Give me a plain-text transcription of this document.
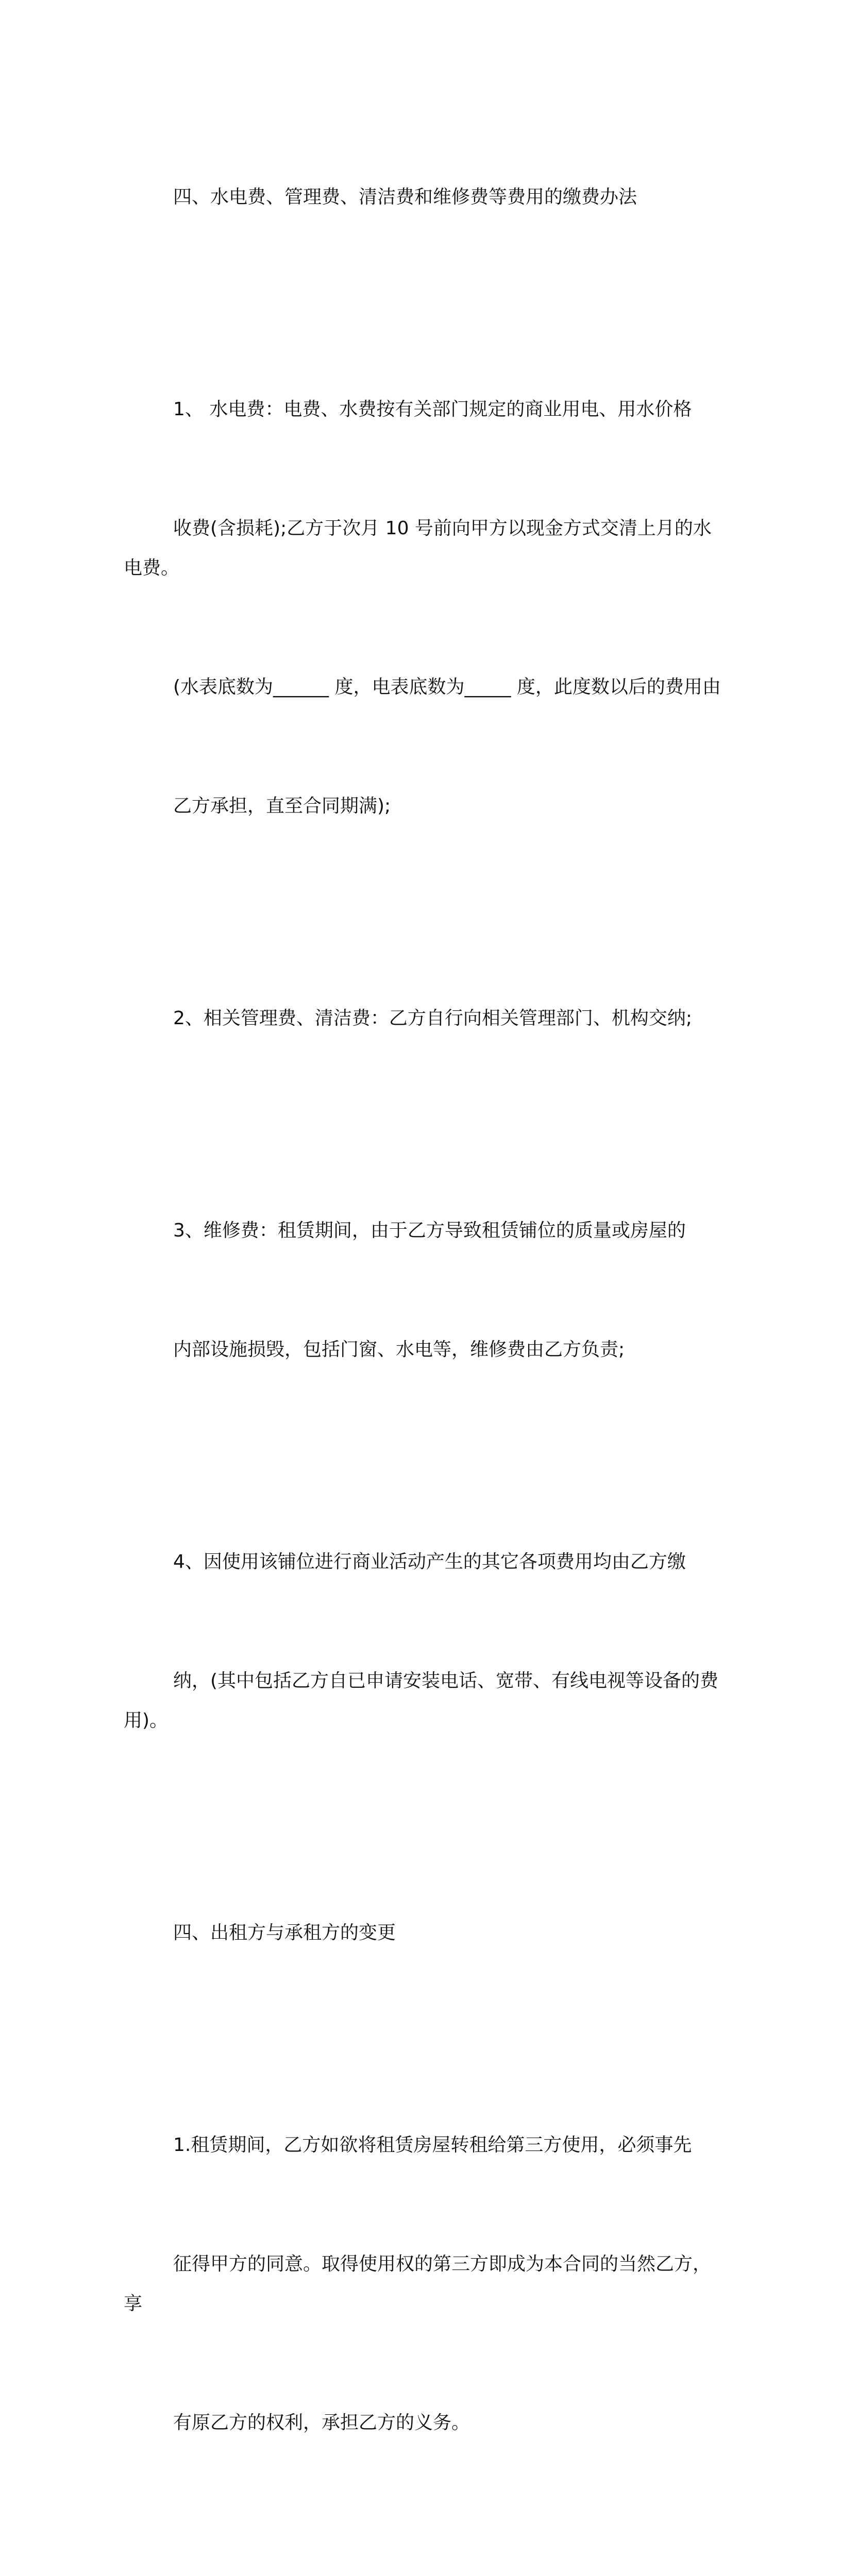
四、水电费、管理费、清洁费和维修费等费用的缴费办法

1、 水电费：电费、水费按有关部门规定的商业用电、用水价格

收费(含损耗);乙方于次月 10 号前向甲方以现金方式交清上月的水电费。

(水表底数为______ 度，电表底数为_____ 度，此度数以后的费用由

乙方承担，直至合同期满);

2、相关管理费、清洁费：乙方自行向相关管理部门、机构交纳;

3、维修费：租赁期间，由于乙方导致租赁铺位的质量或房屋的

内部设施损毁，包括门窗、水电等，维修费由乙方负责;

4、因使用该铺位进行商业活动产生的其它各项费用均由乙方缴

纳，(其中包括乙方自已申请安装电话、宽带、有线电视等设备的费用)。

四、出租方与承租方的变更

1.租赁期间，乙方如欲将租赁房屋转租给第三方使用，必须事先

征得甲方的同意。取得使用权的第三方即成为本合同的当然乙方，享

有原乙方的权利，承担乙方的义务。
